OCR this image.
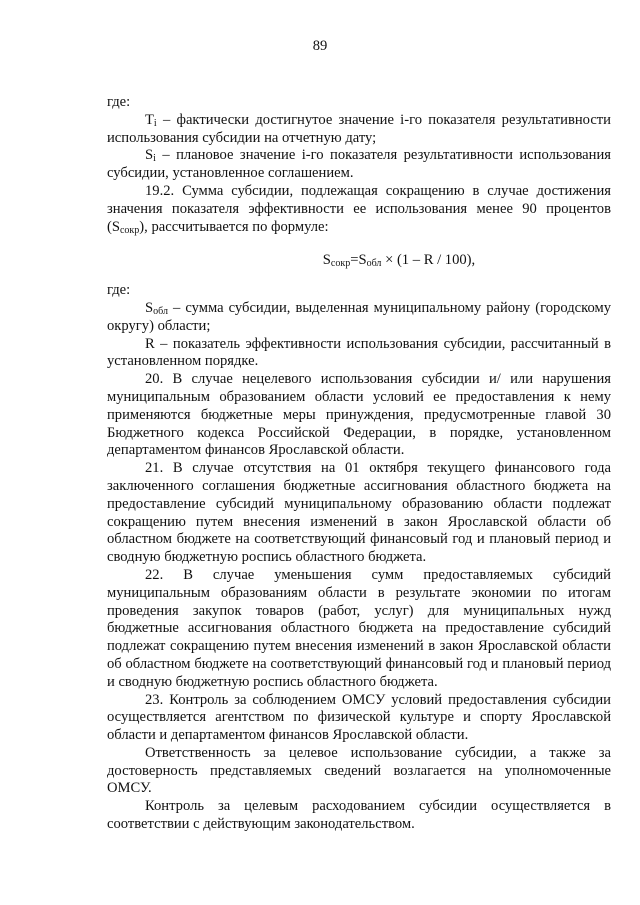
89

где:

$T_i$ – фактически достигнутое значение i-го показателя результативности использования субсидии на отчетную дату;

$S_i$ – плановое значение i-го показателя результативности использования субсидии, установленное соглашением.

19.2. Сумма субсидии, подлежащая сокращению в случае достижения значения показателя эффективности ее использования менее 90 процентов $(S_{сокр})$, рассчитывается по формуле:

$S_{сокр}=S_{обл} \times (1 - R / 100)$,

где:

$S_{обл}$ – сумма субсидии, выделенная муниципальному району (городскому округу) области;

R – показатель эффективности использования субсидии, рассчитанный в установленном порядке.

20. В случае нецелевого использования субсидии и/ или нарушения муниципальным образованием области условий ее предоставления к нему применяются бюджетные меры принуждения, предусмотренные главой 30 Бюджетного кодекса Российской Федерации, в порядке, установленном департаментом финансов Ярославской области.

21. В случае отсутствия на 01 октября текущего финансового года заключенного соглашения бюджетные ассигнования областного бюджета на предоставление субсидий муниципальному образованию области подлежат сокращению путем внесения изменений в закон Ярославской области об областном бюджете на соответствующий финансовый год и плановый период и сводную бюджетную роспись областного бюджета.

22. В случае уменьшения сумм предоставляемых субсидий муниципальным образованиям области в результате экономии по итогам проведения закупок товаров (работ, услуг) для муниципальных нужд бюджетные ассигнования областного бюджета на предоставление субсидий подлежат сокращению путем внесения изменений в закон Ярославской области об областном бюджете на соответствующий финансовый год и плановый период и сводную бюджетную роспись областного бюджета.

23. Контроль за соблюдением ОМСУ условий предоставления субсидии осуществляется агентством по физической культуре и спорту Ярославской области и департаментом финансов Ярославской области.

Ответственность за целевое использование субсидии, а также за достоверность представляемых сведений возлагается на уполномоченные ОМСУ.

Контроль за целевым расходованием субсидии осуществляется в соответствии с действующим законодательством.
